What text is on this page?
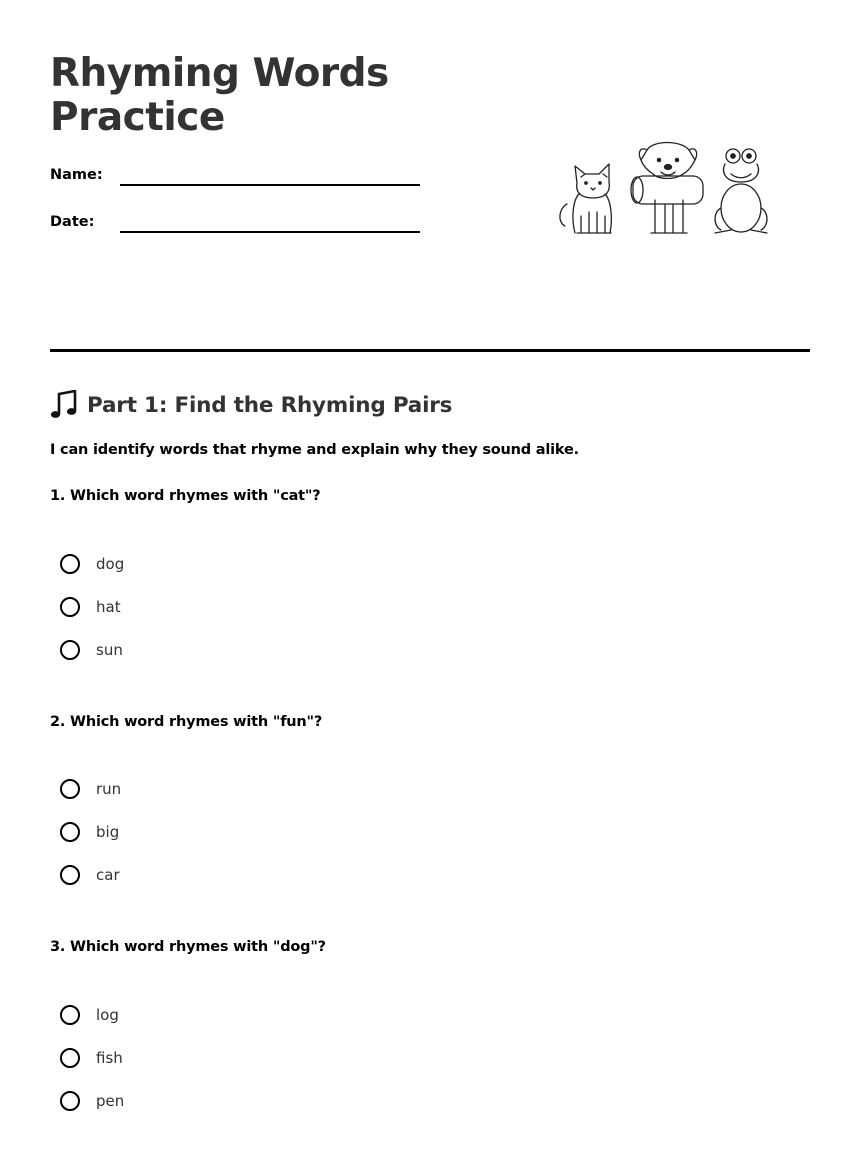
Rhyming Words Practice
Name:
Date:
Part 1: Find the Rhyming Pairs
I can identify words that rhyme and explain why they sound alike.
1. Which word rhymes with "cat"?
dog
hat
sun
2. Which word rhymes with "fun"?
run
big
car
3. Which word rhymes with "dog"?
log
fish
pen
